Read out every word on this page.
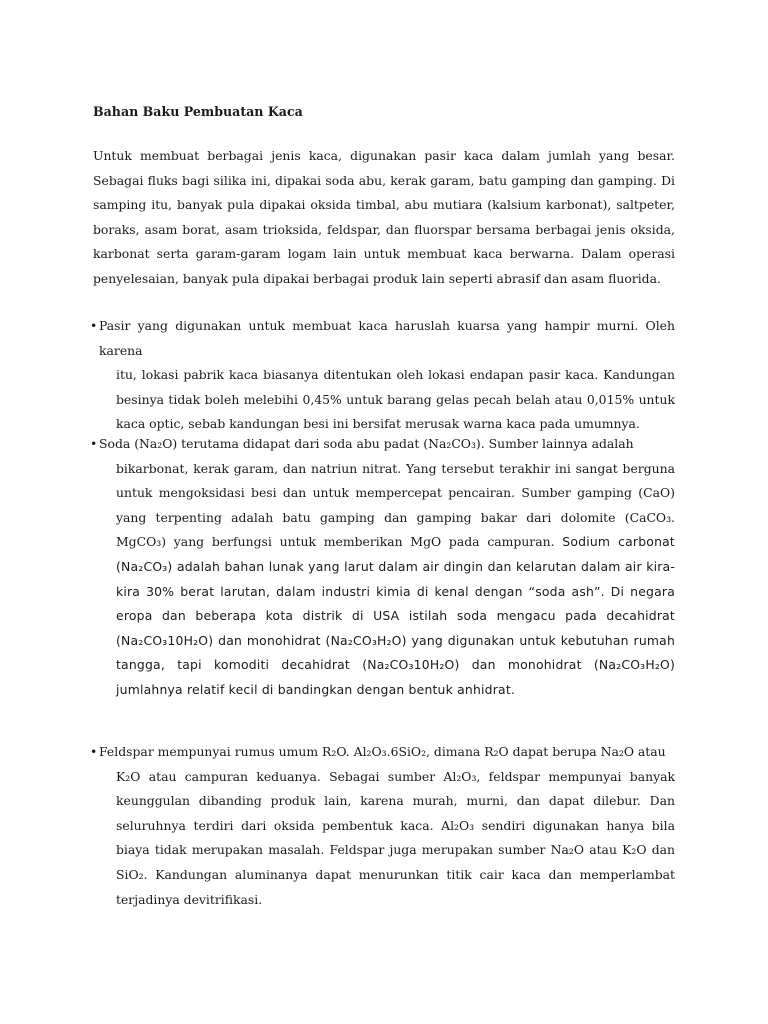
Bahan Baku Pembuatan Kaca

Untuk membuat berbagai jenis kaca, digunakan pasir kaca dalam jumlah yang besar. Sebagai fluks bagi silika ini, dipakai soda abu, kerak garam, batu gamping dan gamping. Di samping itu, banyak pula dipakai oksida timbal, abu mutiara (kalsium karbonat), saltpeter, boraks, asam borat, asam trioksida, feldspar, dan fluorspar bersama berbagai jenis oksida, karbonat serta garam-garam logam lain untuk membuat kaca berwarna. Dalam operasi penyelesaian, banyak pula dipakai berbagai produk lain seperti abrasif dan asam fluorida.

• Pasir yang digunakan untuk membuat kaca haruslah kuarsa yang hampir murni. Oleh karena
itu, lokasi pabrik kaca biasanya ditentukan oleh lokasi endapan pasir kaca. Kandungan besinya tidak boleh melebihi 0,45% untuk barang gelas pecah belah atau 0,015% untuk kaca optic, sebab kandungan besi ini bersifat merusak warna kaca pada umumnya.
• Soda (Na₂O) terutama didapat dari soda abu padat (Na₂CO₃). Sumber lainnya adalah
bikarbonat, kerak garam, dan natriun nitrat. Yang tersebut terakhir ini sangat berguna untuk mengoksidasi besi dan untuk mempercepat pencairan. Sumber gamping (CaO) yang terpenting adalah batu gamping dan gamping bakar dari dolomite (CaCO₃. MgCO₃) yang berfungsi untuk memberikan MgO pada campuran. Sodium carbonat (Na₂CO₃) adalah bahan lunak yang larut dalam air dingin dan kelarutan dalam air kira-kira 30% berat larutan, dalam industri kimia di kenal dengan “soda ash”. Di negara eropa dan beberapa kota distrik di USA istilah soda mengacu pada decahidrat (Na₂CO₃10H₂O) dan monohidrat (Na₂CO₃H₂O) yang digunakan untuk kebutuhan rumah tangga, tapi komoditi decahidrat (Na₂CO₃10H₂O) dan monohidrat (Na₂CO₃H₂O) jumlahnya relatif kecil di bandingkan dengan bentuk anhidrat.
• Feldspar mempunyai rumus umum R₂O. Al₂O₃.6SiO₂, dimana R₂O dapat berupa Na₂O atau
K₂O atau campuran keduanya. Sebagai sumber Al₂O₃, feldspar mempunyai banyak keunggulan dibanding produk lain, karena murah, murni, dan dapat dilebur. Dan seluruhnya terdiri dari oksida pembentuk kaca. Al₂O₃ sendiri digunakan hanya bila biaya tidak merupakan masalah. Feldspar juga merupakan sumber Na₂O atau K₂O dan SiO₂. Kandungan aluminanya dapat menurunkan titik cair kaca dan memperlambat terjadinya devitrifikasi.
